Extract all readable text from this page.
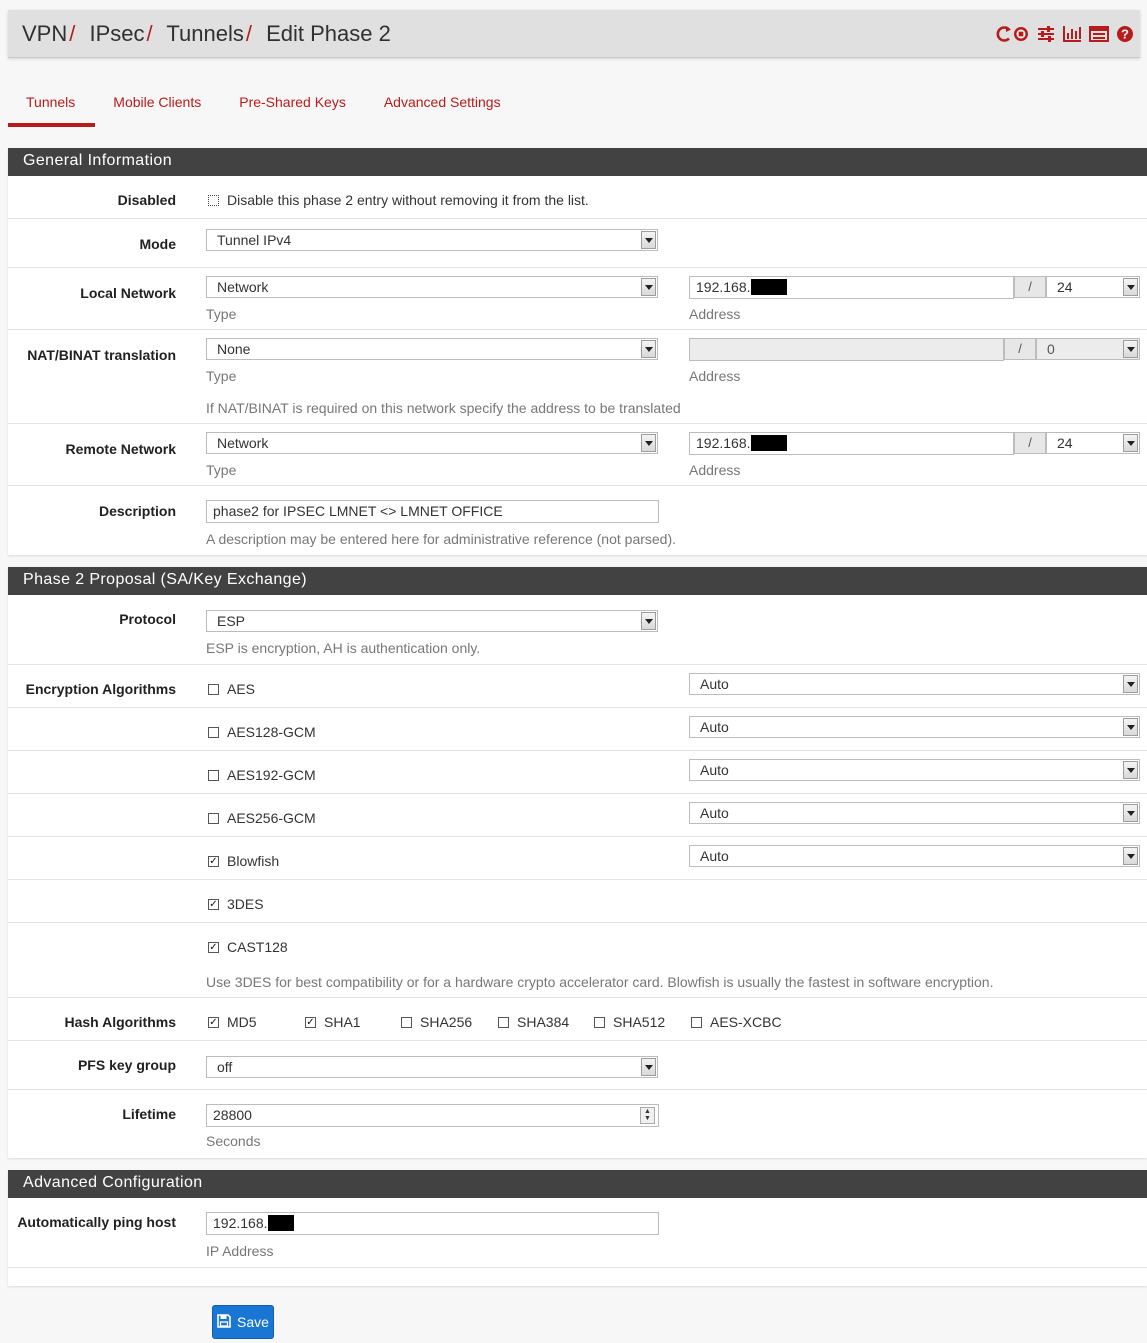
VPN/ IPsec/ Tunnels/ Edit Phase 2	?
Tunnels	Mobile Clients	Pre-Shared Keys	Advanced Settings
General Information
Disabled	Disable this phase 2 entry without removing it from the list.
Mode	Tunnel IPv4
Local Network	Network
Type
192.168.	/	24
Address
NAT/BINAT translation	None
Type
/	0
Address
If NAT/BINAT is required on this network specify the address to be translated
Remote Network	Network
Type
192.168.	/	24
Address
Description	phase2 for IPSEC LMNET <> LMNET OFFICE
A description may be entered here for administrative reference (not parsed).
Phase 2 Proposal (SA/Key Exchange)
Protocol	ESP
ESP is encryption, AH is authentication only.
Encryption Algorithms	AES	Auto
AES128-GCM	Auto
AES192-GCM	Auto
AES256-GCM	Auto
✓ Blowfish	Auto
✓ 3DES
✓ CAST128
Use 3DES for best compatibility or for a hardware crypto accelerator card. Blowfish is usually the fastest in software encryption.
Hash Algorithms	✓ MD5	✓ SHA1	SHA256	SHA384	SHA512	AES-XCBC
PFS key group	off
Lifetime	28800	▲
▼
Seconds
Advanced Configuration
Automatically ping host	192.168.
IP Address
Save
